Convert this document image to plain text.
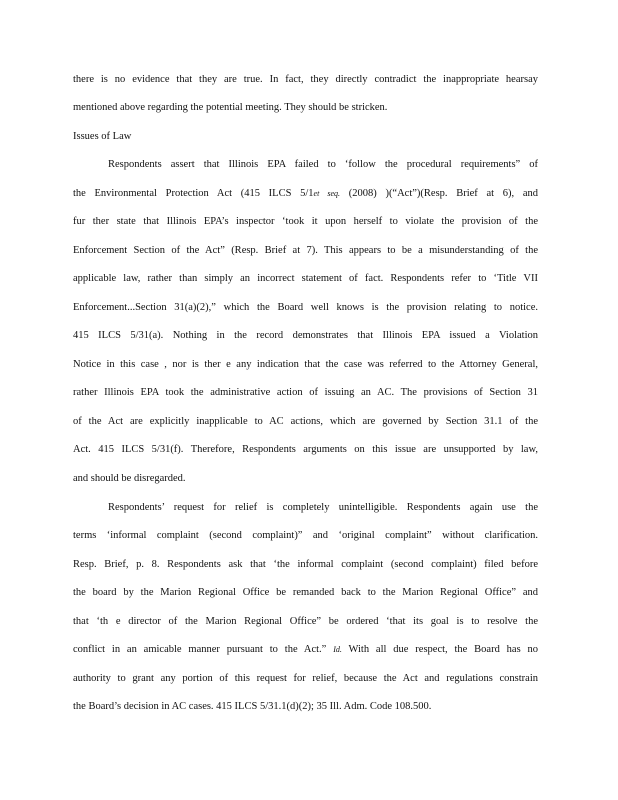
there is no evidence that they are true. In fact, they directly contradict the inappropriate hearsay
mentioned above regarding the potential meeting. They should be stricken.
Issues of Law
Respondents assert that Illinois EPA failed to ‘follow the procedural requirements” of
the Environmental Protection Act (415 ILCS 5/1et seq. (2008) )(“Act”)(Resp. Brief at 6), and
fur ther state that Illinois EPA’s inspector ‘took it upon herself to violate the provision of the
Enforcement Section of the Act” (Resp. Brief at 7). This appears to be a misunderstanding of the
applicable law, rather than simply an incorrect statement of fact. Respondents refer to ‘Title VII
Enforcement...Section 31(a)(2),” which the Board well knows is the provision relating to notice.
415 ILCS 5/31(a). Nothing in the record demonstrates that Illinois EPA issued a Violation
Notice in this case , nor is ther e any indication that the case was referred to the Attorney General,
rather Illinois EPA took the administrative action of issuing an AC. The provisions of Section 31
of the Act are explicitly inapplicable to AC actions, which are governed by Section 31.1 of the
Act. 415 ILCS 5/31(f). Therefore, Respondents arguments on this issue are unsupported by law,
and should be disregarded.
Respondents’ request for relief is completely unintelligible. Respondents again use the
terms ‘informal complaint (second complaint)” and ‘original complaint” without clarification.
Resp. Brief, p. 8. Respondents ask that ‘the informal complaint (second complaint) filed before
the board by the Marion Regional Office be remanded back to the Marion Regional Office” and
that ‘th e director of the Marion Regional Office” be ordered ‘that its goal is to resolve the
conflict in an amicable manner pursuant to the Act.” Id. With all due respect, the Board has no
authority to grant any portion of this request for relief, because the Act and regulations constrain
the Board’s decision in AC cases. 415 ILCS 5/31.1(d)(2); 35 Ill. Adm. Code 108.500.
